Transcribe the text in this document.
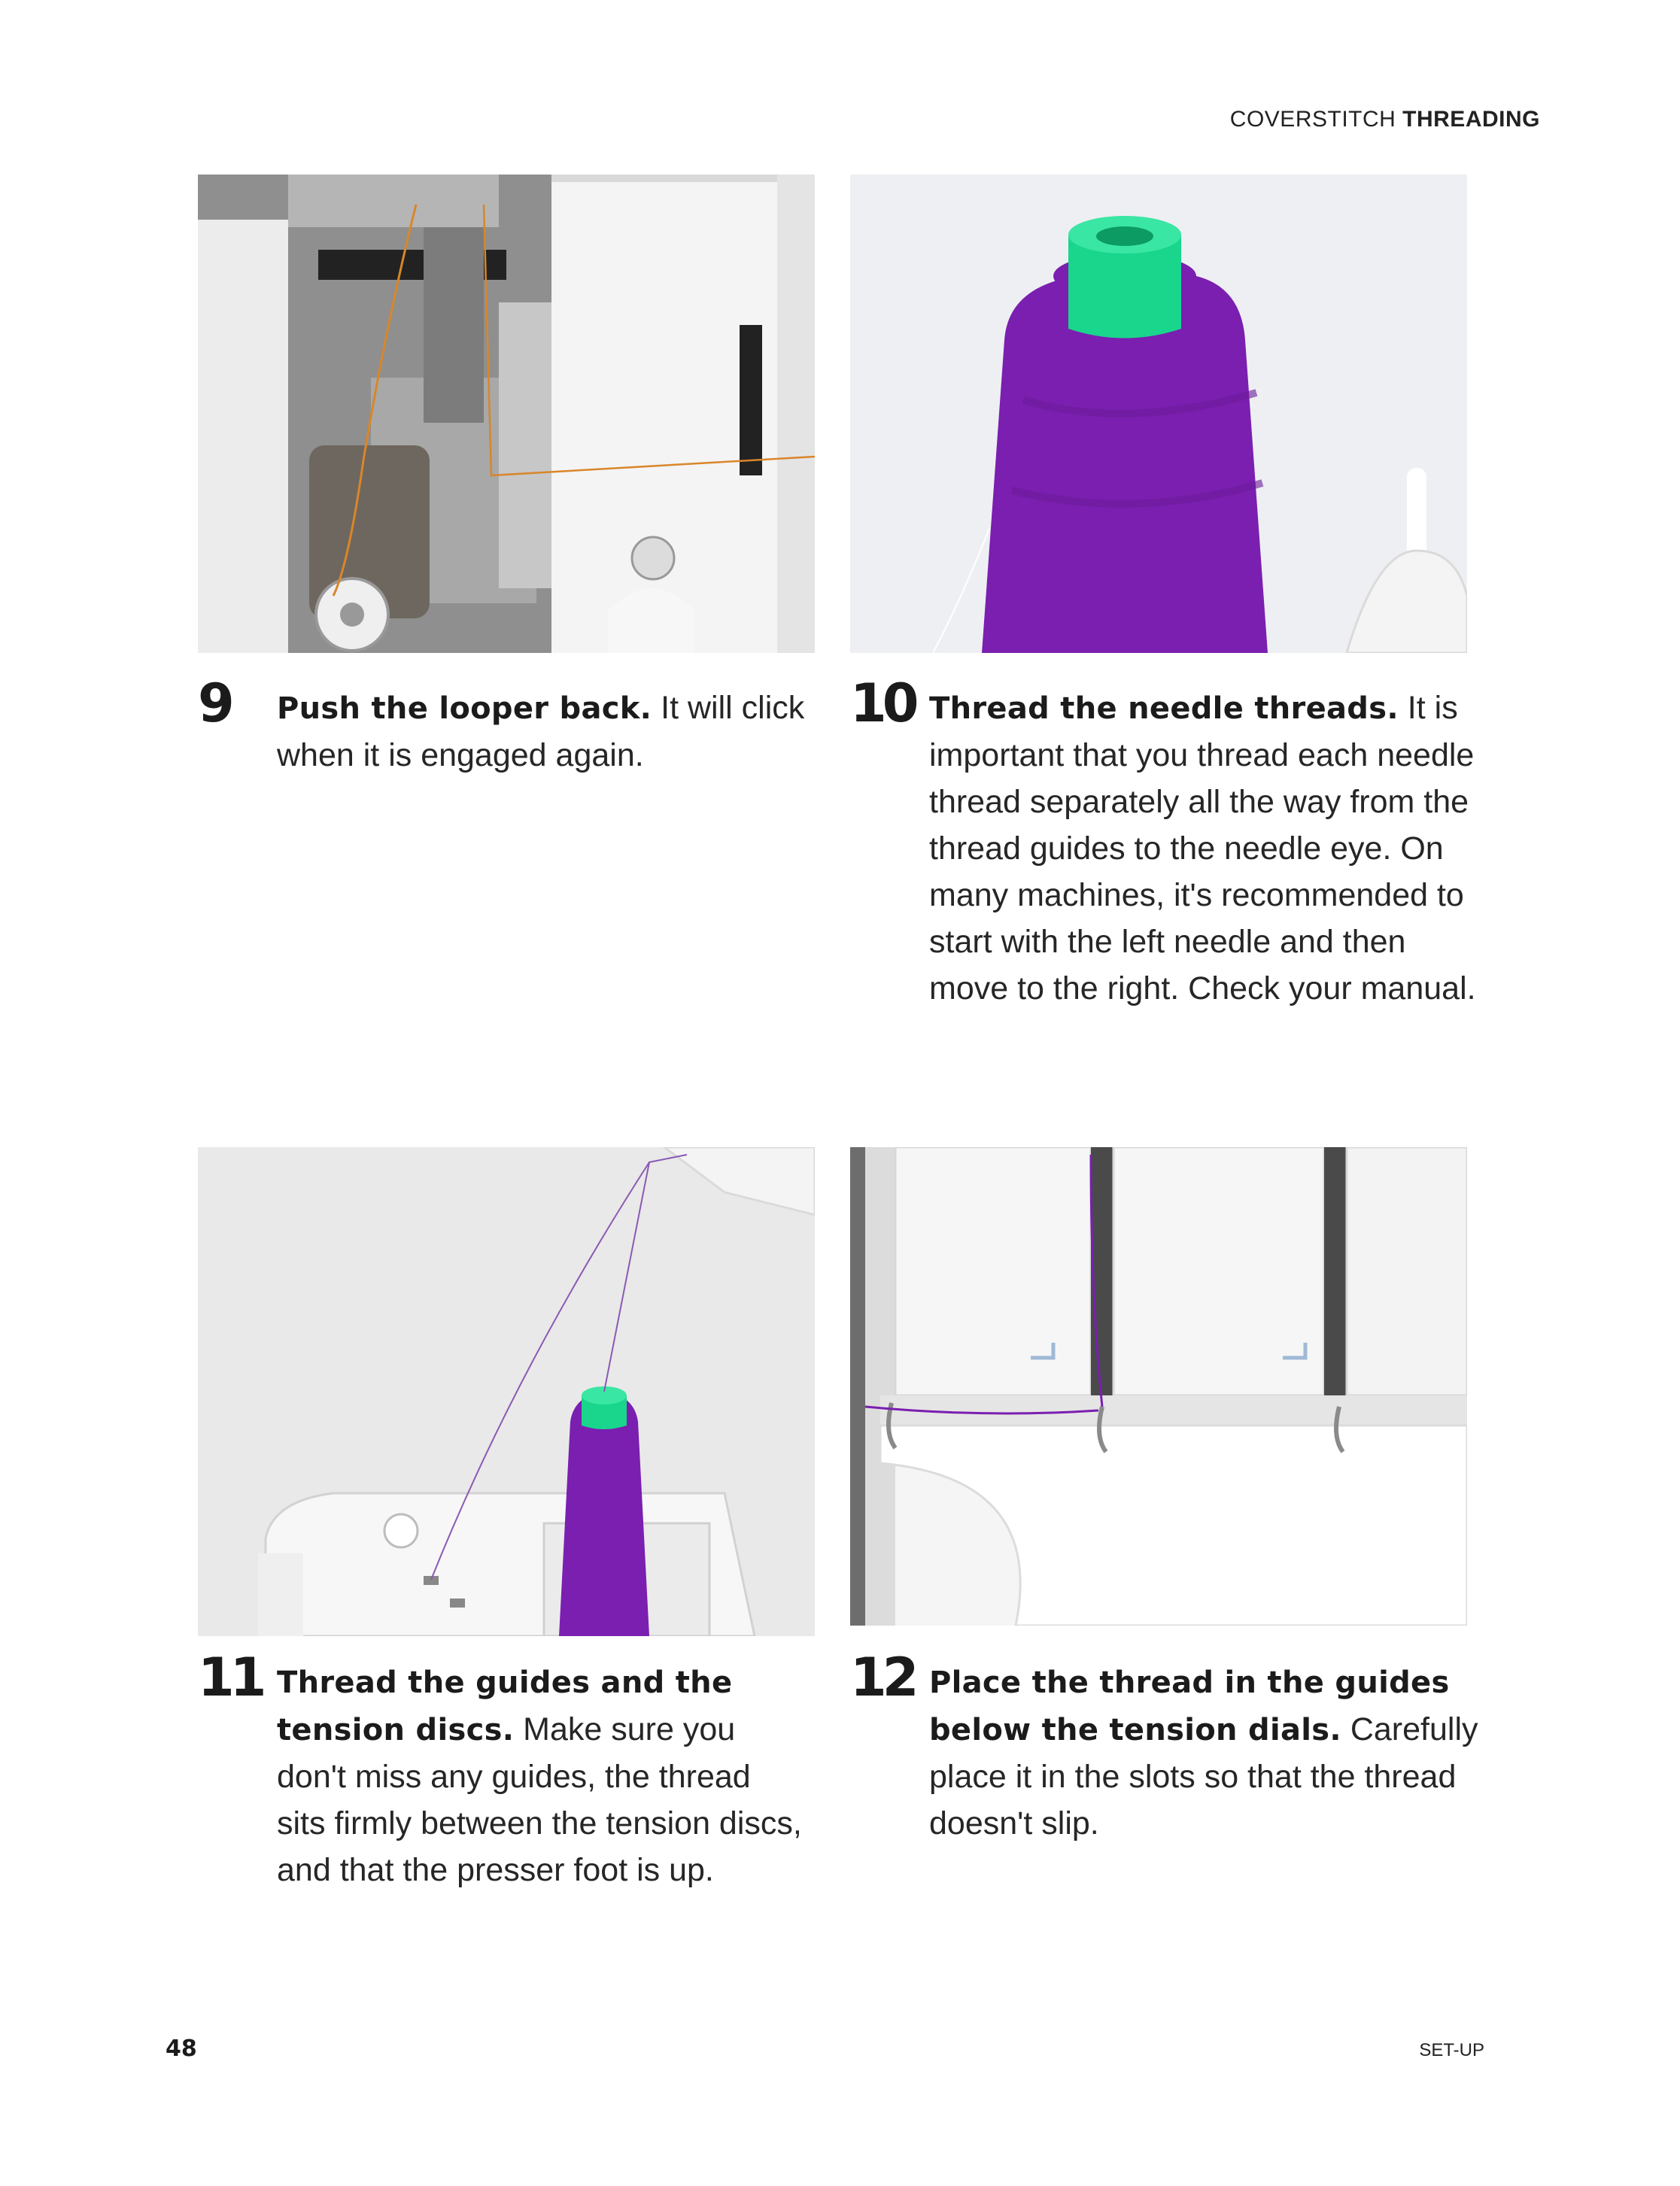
COVERSTITCH THREADING
9 Push the looper back. It will click when it is engaged again.
10 Thread the needle threads. It is important that you thread each needle thread separately all the way from the thread guides to the needle eye. On many machines, it's recommended to start with the left needle and then move to the right. Check your manual.
11 Thread the guides and the tension discs. Make sure you don't miss any guides, the thread sits firmly between the tension discs, and that the presser foot is up.
12 Place the thread in the guides below the tension dials. Carefully place it in the slots so that the thread doesn't slip.
48	SET-UP
